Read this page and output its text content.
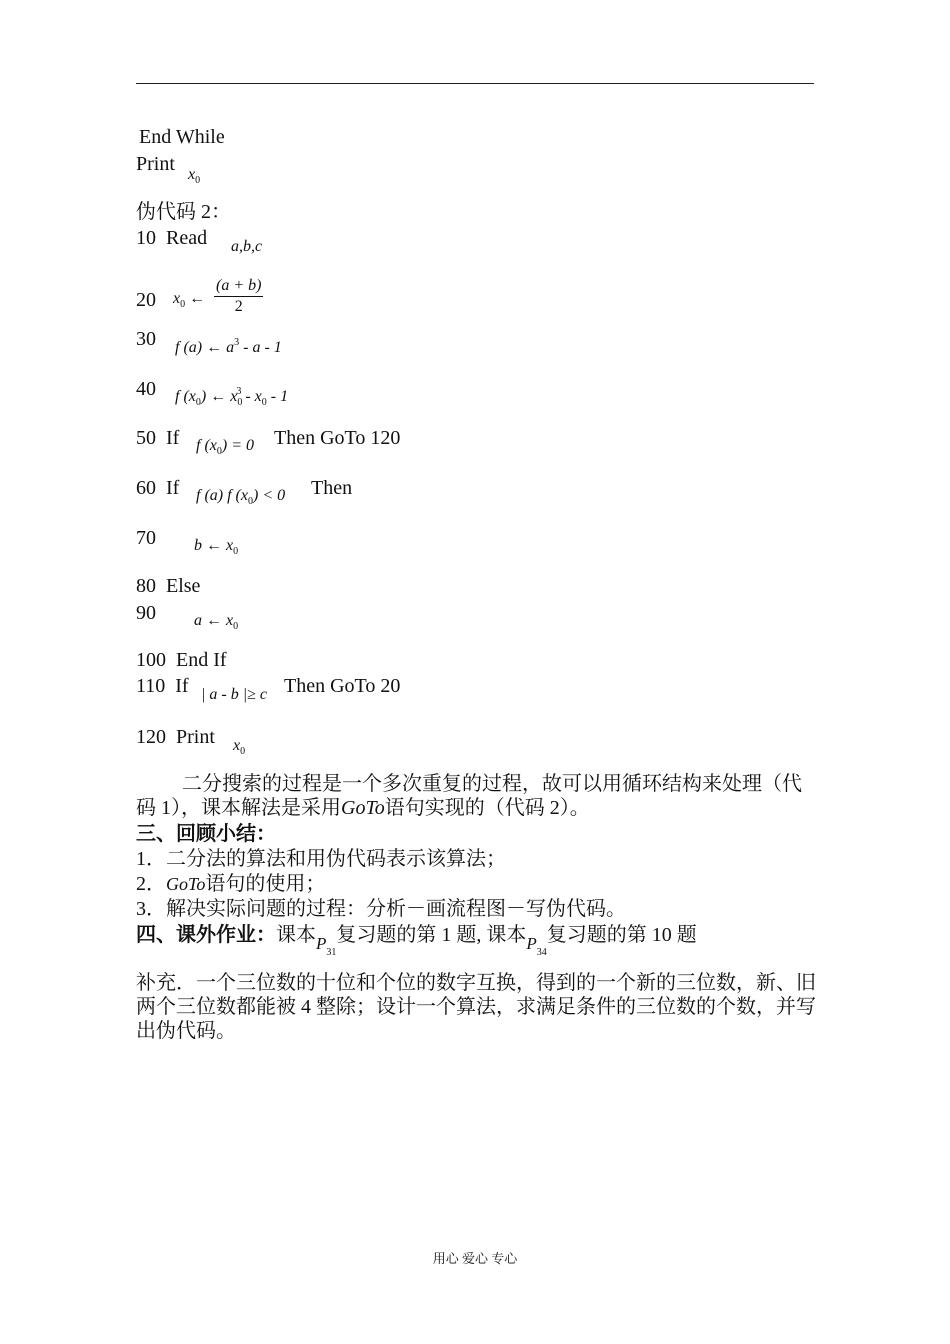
End While
Print $x_0$
伪代码 2：
10 Read a,b,c
20 $x_0$ ← $\frac{(a + b)}{2}$
30 f (a) ← $a^3$ - a - 1
40 f $(x_0)$ ← $x_0^3 - x_0 - 1$
50 If f $(x_0) = 0$ Then GoTo 120
60 If f (a) f $(x_0) < 0$ Then
70 b ← $x_0$
80 Else
90 a ← $x_0$
100 End If
110 If | a - b |≥ c Then GoTo 20
120 Print $x_0$
二分搜索的过程是一个多次重复的过程，故可以用循环结构来处理（代码 1），课本解法是采用GoTo语句实现的（代码 2）。
三、回顾小结：
1．二分法的算法和用伪代码表示该算法；
2．GoTo语句的使用；
3．解决实际问题的过程：分析－画流程图－写伪代码。
四、课外作业：课本$_{P31}$复习题的第 1 题, 课本$_{P34}$复习题的第 10 题
补充．一个三位数的十位和个位的数字互换，得到的一个新的三位数，新、旧两个三位数都能被 4 整除；设计一个算法，求满足条件的三位数的个数，并写出伪代码。
用心 爱心 专心
